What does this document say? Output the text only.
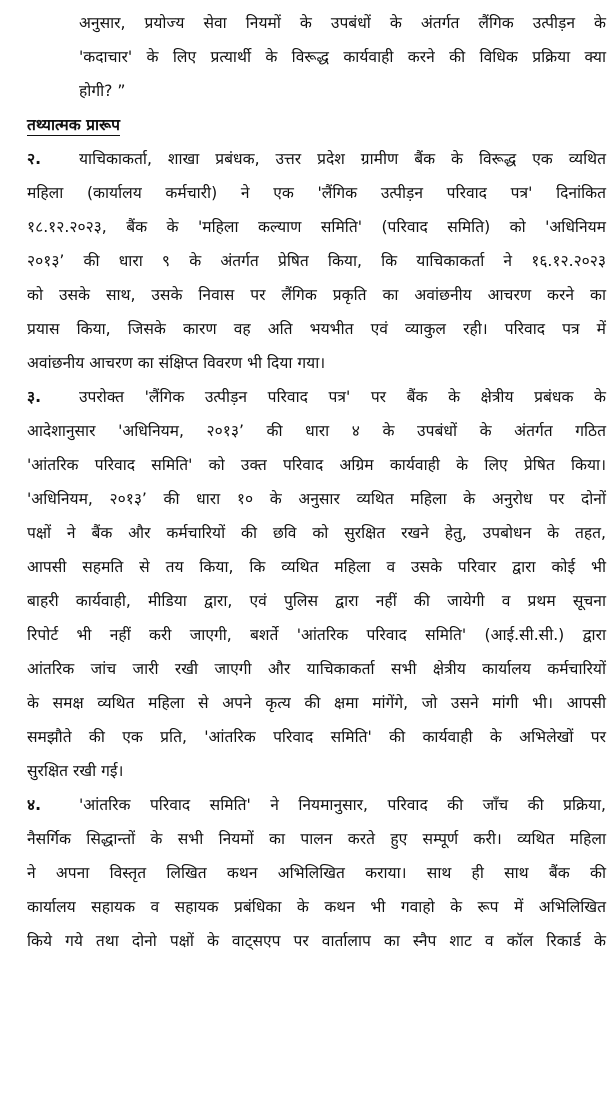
अनुसार, प्रयोज्य सेवा नियमों के उपबंधों के अंतर्गत लैंगिक उत्पीड़न के

'कदाचार' के लिए प्रत्यार्थी के विरूद्ध कार्यवाही करने की विधिक प्रक्रिया क्या

होगी? ”

तथ्यात्मक प्रारूप

२. याचिकाकर्ता, शाखा प्रबंधक, उत्तर प्रदेश ग्रामीण बैंक के विरूद्ध एक व्यथित

महिला (कार्यालय कर्मचारी) ने एक 'लैंगिक उत्पीड़न परिवाद पत्र' दिनांकित

१८.१२.२०२३, बैंक के 'महिला कल्याण समिति' (परिवाद समिति) को 'अधिनियम

२०१३’ की धारा ९ के अंतर्गत प्रेषित किया, कि याचिकाकर्ता ने १६.१२.२०२३

को उसके साथ, उसके निवास पर लैंगिक प्रकृति का अवांछनीय आचरण करने का

प्रयास किया, जिसके कारण वह अति भयभीत एवं व्याकुल रही। परिवाद पत्र में

अवांछनीय आचरण का संक्षिप्त विवरण भी दिया गया।

३. उपरोक्त 'लैंगिक उत्पीड़न परिवाद पत्र' पर बैंक के क्षेत्रीय प्रबंधक के

आदेशानुसार 'अधिनियम, २०१३’ की धारा ४ के उपबंधों के अंतर्गत गठित

'आंतरिक परिवाद समिति' को उक्त परिवाद अग्रिम कार्यवाही के लिए प्रेषित किया।

'अधिनियम, २०१३’ की धारा १० के अनुसार व्यथित महिला के अनुरोध पर दोनों

पक्षों ने बैंक और कर्मचारियों की छवि को सुरक्षित रखने हेतु, उपबोधन के तहत,

आपसी सहमति से तय किया, कि व्यथित महिला व उसके परिवार द्वारा कोई भी

बाहरी कार्यवाही, मीडिया द्वारा, एवं पुलिस द्वारा नहीं की जायेगी व प्रथम सूचना

रिपोर्ट भी नहीं करी जाएगी, बशर्ते 'आंतरिक परिवाद समिति' (आई.सी.सी.) द्वारा

आंतरिक जांच जारी रखी जाएगी और याचिकाकर्ता सभी क्षेत्रीय कार्यालय कर्मचारियों

के समक्ष व्यथित महिला से अपने कृत्य की क्षमा मांगेंगे, जो उसने मांगी भी। आपसी

समझौते की एक प्रति, 'आंतरिक परिवाद समिति' की कार्यवाही के अभिलेखों पर

सुरक्षित रखी गई।

४. 'आंतरिक परिवाद समिति' ने नियमानुसार, परिवाद की जाँच की प्रक्रिया,

नैसर्गिक सिद्धान्तों के सभी नियमों का पालन करते हुए सम्पूर्ण करी। व्यथित महिला

ने अपना विस्तृत लिखित कथन अभिलिखित कराया। साथ ही साथ बैंक की

कार्यालय सहायक व सहायक प्रबंधिका के कथन भी गवाहो के रूप में अभिलिखित

किये गये तथा दोनो पक्षों के वाट्सएप पर वार्तालाप का स्नैप शाट व कॉल रिकार्ड के
